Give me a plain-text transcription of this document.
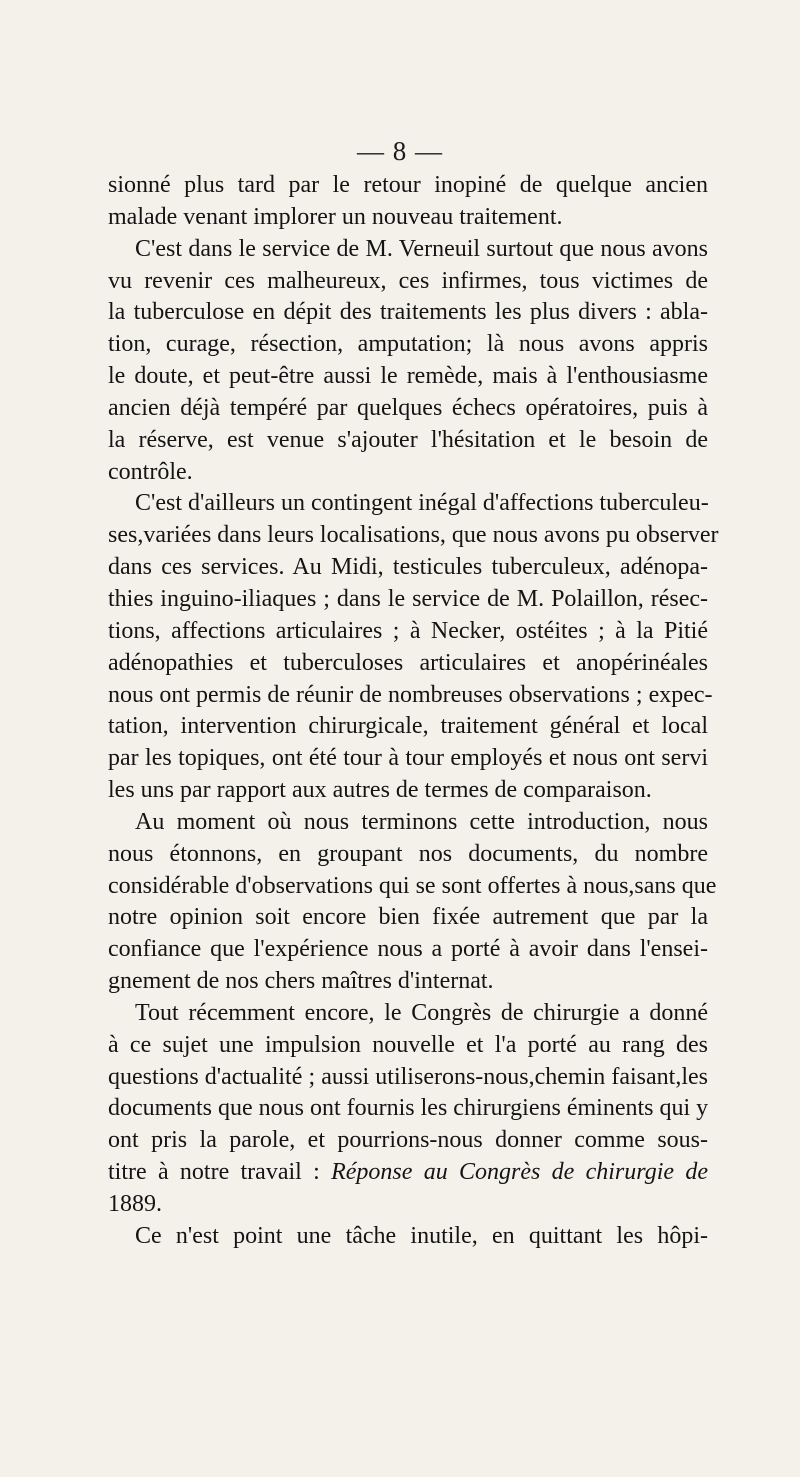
— 8 —
sionné plus tard par le retour inopiné de quelque ancien
malade venant implorer un nouveau traitement.
C'est dans le service de M. Verneuil surtout que nous avons
vu revenir ces malheureux, ces infirmes, tous victimes de
la tuberculose en dépit des traitements les plus divers : abla-
tion, curage, résection, amputation; là nous avons appris
le doute, et peut-être aussi le remède, mais à l'enthousiasme
ancien déjà tempéré par quelques échecs opératoires, puis à
la réserve, est venue s'ajouter l'hésitation et le besoin de
contrôle.
C'est d'ailleurs un contingent inégal d'affections tuberculeu-
ses,variées dans leurs localisations, que nous avons pu observer
dans ces services. Au Midi, testicules tuberculeux, adénopa-
thies inguino-iliaques ; dans le service de M. Polaillon, résec-
tions, affections articulaires ; à Necker, ostéites ; à la Pitié
adénopathies et tuberculoses articulaires et anopérinéales
nous ont permis de réunir de nombreuses observations ; expec-
tation, intervention chirurgicale, traitement général et local
par les topiques, ont été tour à tour employés et nous ont servi
les uns par rapport aux autres de termes de comparaison.
Au moment où nous terminons cette introduction, nous
nous étonnons, en groupant nos documents, du nombre
considérable d'observations qui se sont offertes à nous,sans que
notre opinion soit encore bien fixée autrement que par la
confiance que l'expérience nous a porté à avoir dans l'ensei-
gnement de nos chers maîtres d'internat.
Tout récemment encore, le Congrès de chirurgie a donné
à ce sujet une impulsion nouvelle et l'a porté au rang des
questions d'actualité ; aussi utiliserons-nous,chemin faisant,les
documents que nous ont fournis les chirurgiens éminents qui y
ont pris la parole, et pourrions-nous donner comme sous-
titre à notre travail : Réponse au Congrès de chirurgie de
1889.
Ce n'est point une tâche inutile, en quittant les hôpi-
